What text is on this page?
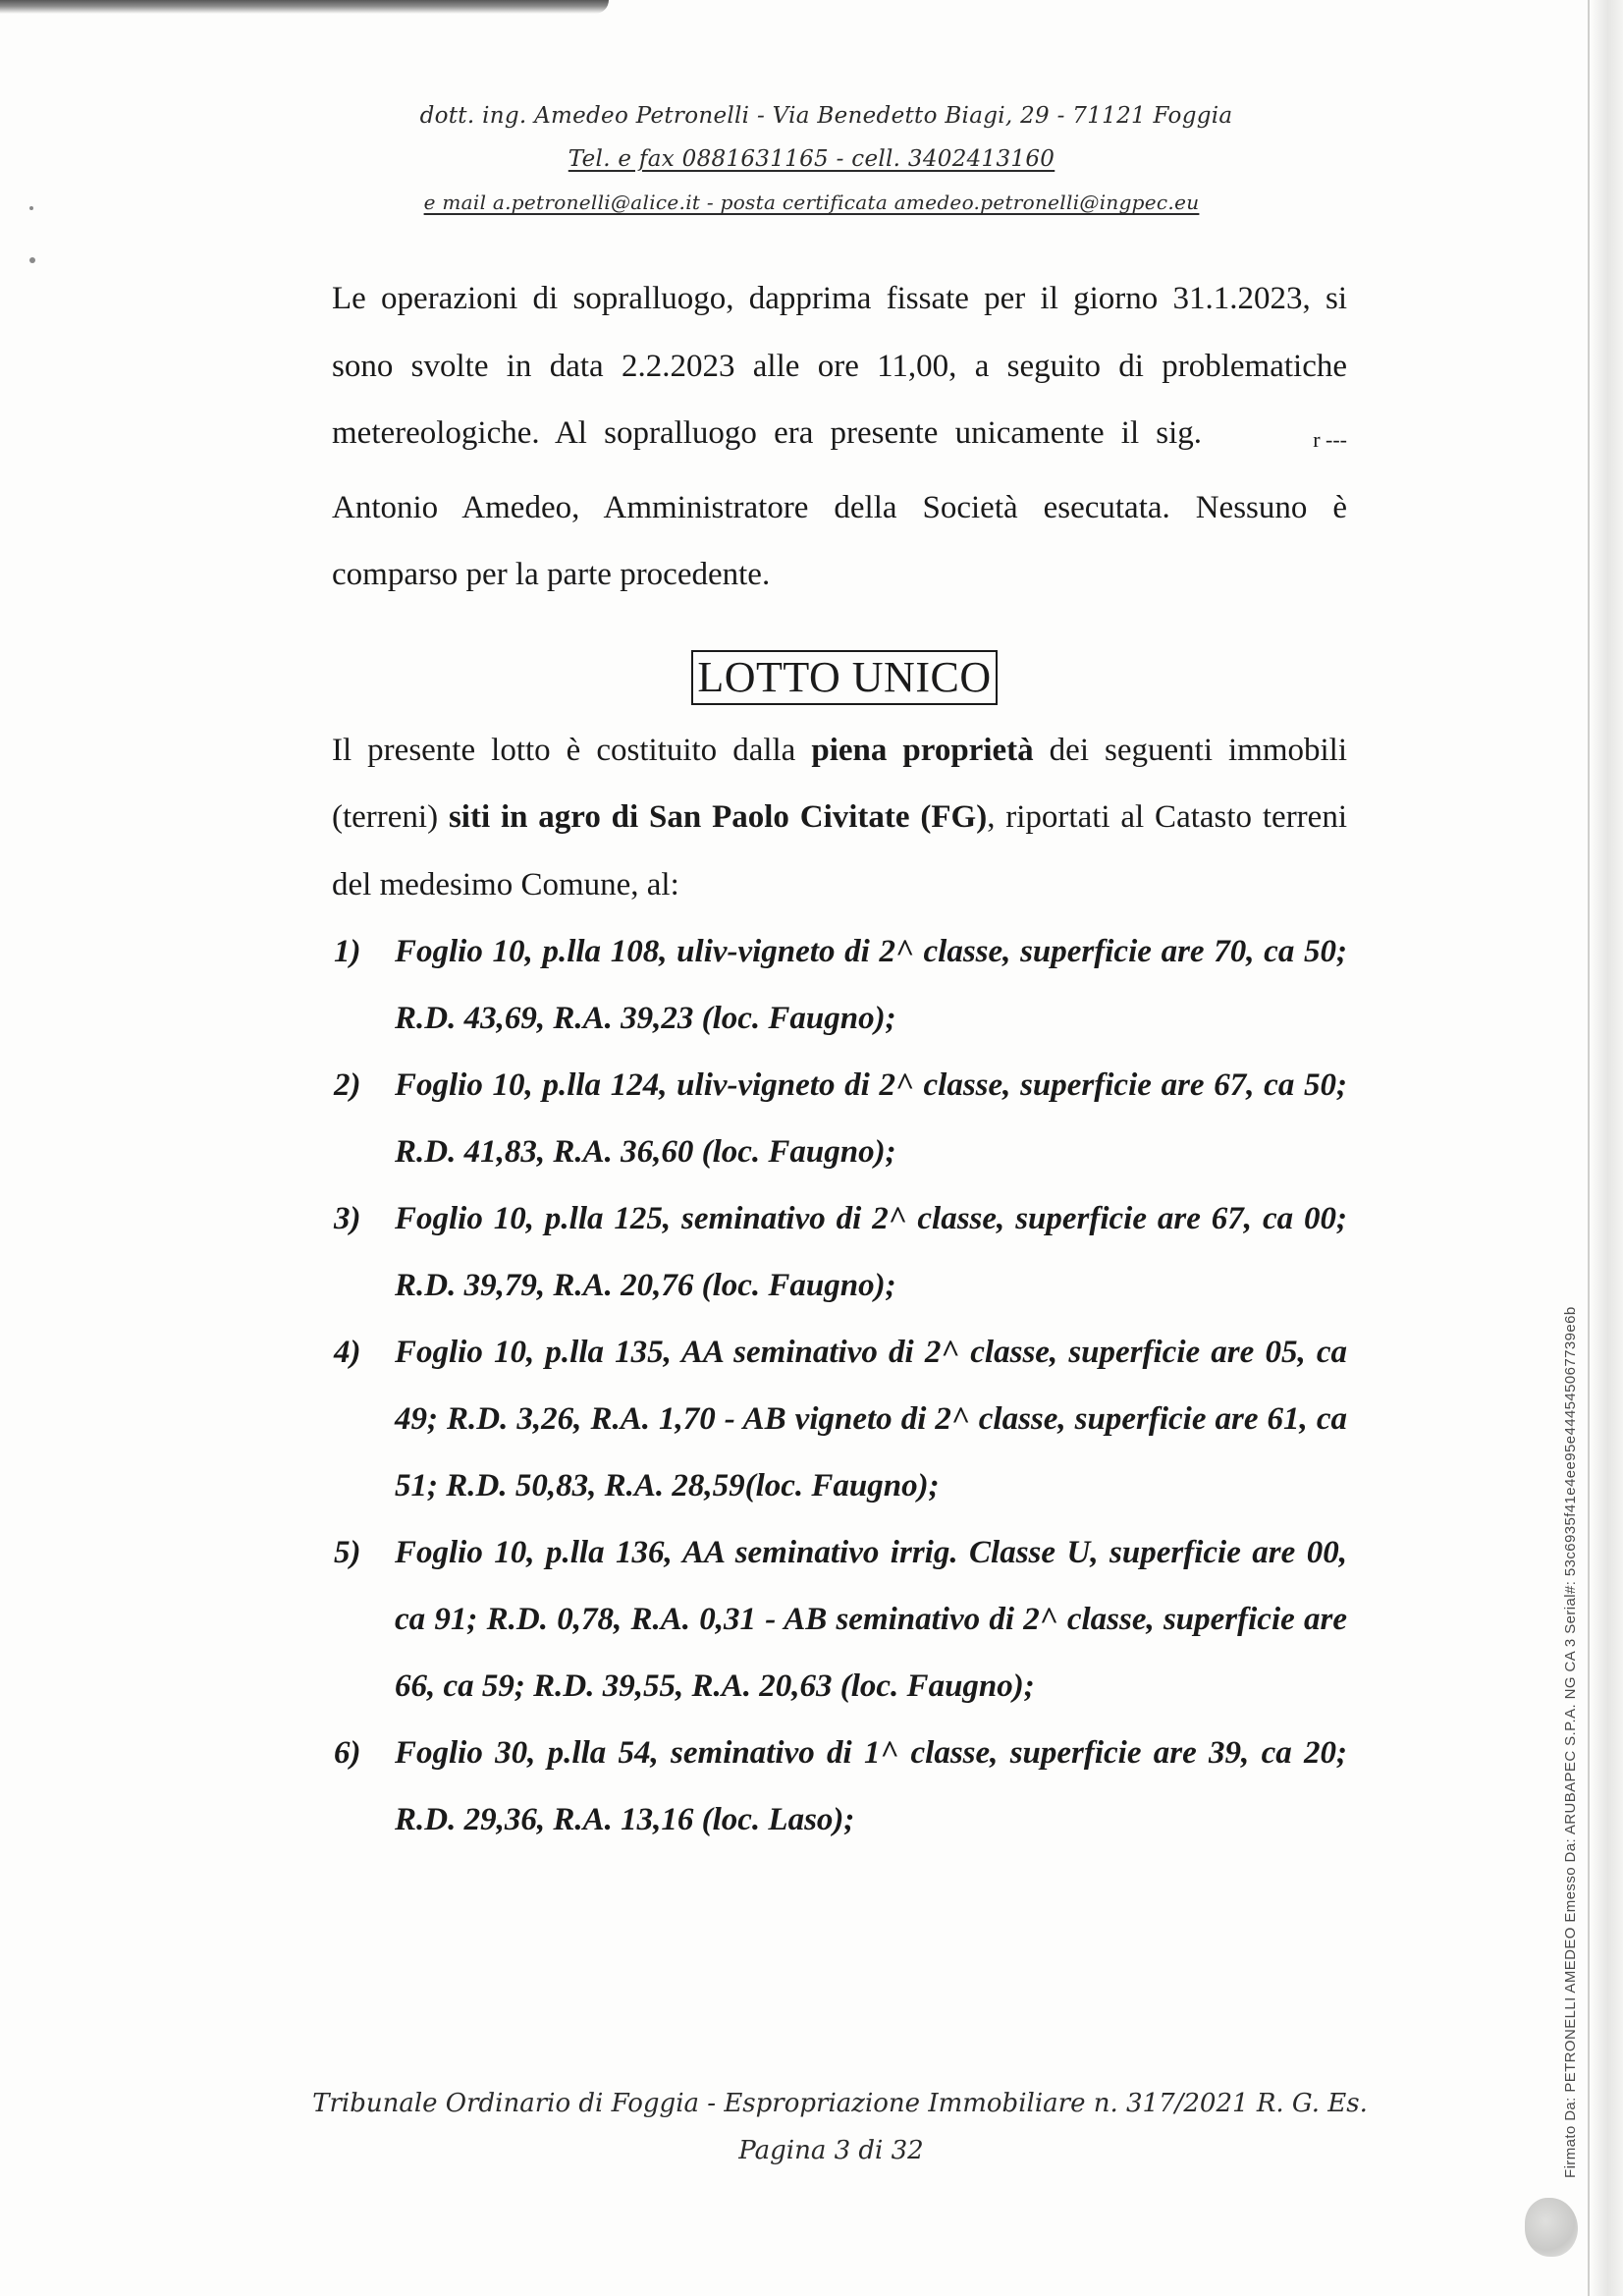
dott. ing. Amedeo Petronelli - Via Benedetto Biagi, 29 - 71121 Foggia
Tel. e fax 0881631165 - cell. 3402413160
e mail a.petronelli@alice.it - posta certificata amedeo.petronelli@ingpec.eu

Le operazioni di sopralluogo, dapprima fissate per il giorno 31.1.2023, si sono svolte in data 2.2.2023 alle ore 11,00, a seguito di problematiche metereologiche. Al sopralluogo era presente unicamente il sig.	r --- Antonio Amedeo, Amministratore della Società esecutata. Nessuno è comparso per la parte procedente.

LOTTO UNICO

Il presente lotto è costituito dalla piena proprietà dei seguenti immobili (terreni) siti in agro di San Paolo Civitate (FG), riportati al Catasto terreni del medesimo Comune, al:

1) Foglio 10, p.lla 108, uliv-vigneto di 2^ classe, superficie are 70, ca 50; R.D. 43,69, R.A. 39,23 (loc. Faugno);
2) Foglio 10, p.lla 124, uliv-vigneto di 2^ classe, superficie are 67, ca 50; R.D. 41,83, R.A. 36,60 (loc. Faugno);
3) Foglio 10, p.lla 125, seminativo di 2^ classe, superficie are 67, ca 00; R.D. 39,79, R.A. 20,76 (loc. Faugno);
4) Foglio 10, p.lla 135, AA seminativo di 2^ classe, superficie are 05, ca 49; R.D. 3,26, R.A. 1,70 - AB vigneto di 2^ classe, superficie are 61, ca 51; R.D. 50,83, R.A. 28,59(loc. Faugno);
5) Foglio 10, p.lla 136, AA seminativo irrig. Classe U, superficie are 00, ca 91; R.D. 0,78, R.A. 0,31 - AB seminativo di 2^ classe, superficie are 66, ca 59; R.D. 39,55, R.A. 20,63 (loc. Faugno);
6) Foglio 30, p.lla 54, seminativo di 1^ classe, superficie are 39, ca 20; R.D. 29,36, R.A. 13,16 (loc. Laso);
Tribunale Ordinario di Foggia - Espropriazione Immobiliare n. 317/2021 R. G. Es.
Pagina 3 di 32	Firmato Da: PETRONELLI AMEDEO Emesso Da: ARUBAPEC S.P.A. NG CA 3 Serial#: 53c6935f41e4ee95e444545067739e6b
